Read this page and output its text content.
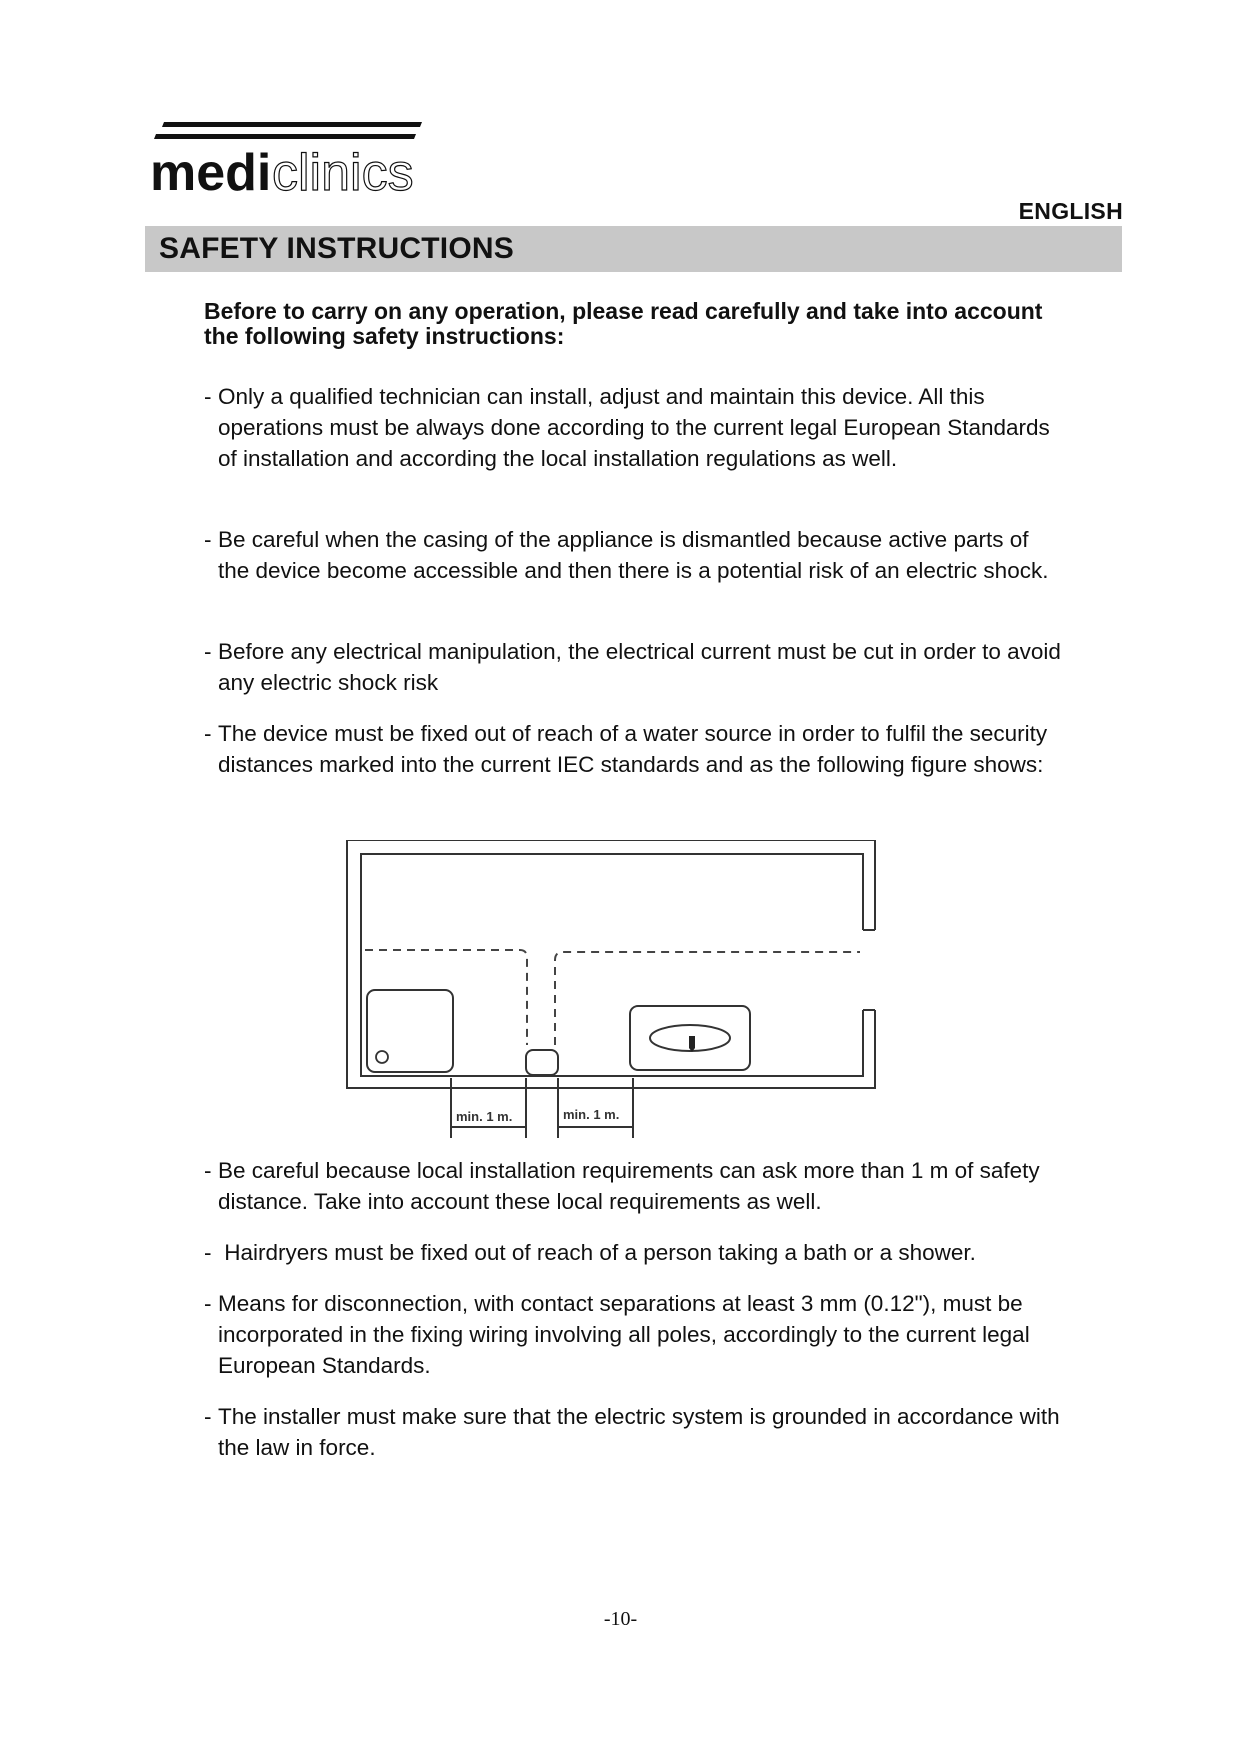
medi clinics
ENGLISH
SAFETY INSTRUCTIONS
Before to carry on any operation, please read carefully and take into account the following safety instructions:
- Only a qualified technician can install, adjust and maintain this device. All this operations must be always done according to the current legal European Standards of installation and according the local installation regulations as well.
- Be careful when the casing of the appliance is dismantled because active parts of the device become accessible and then there is a potential risk of an electric shock.
- Before any electrical manipulation, the electrical current must be cut in order to avoid any electric shock risk
- The device must be fixed out of reach of a water source in order to fulfil the security distances marked into the current IEC standards and as the following figure shows:
min. 1 m.	min. 1 m.
- Be careful because local installation requirements can ask more than 1 m of safety distance. Take into account these local requirements as well.
- Hairdryers must be fixed out of reach of a person taking a bath or a shower.
- Means for disconnection, with contact separations at least 3 mm (0.12"), must be incorporated in the fixing wiring involving all poles, accordingly to the current legal European Standards.
- The installer must make sure that the electric system is grounded in accordance with the law in force.
-10-
